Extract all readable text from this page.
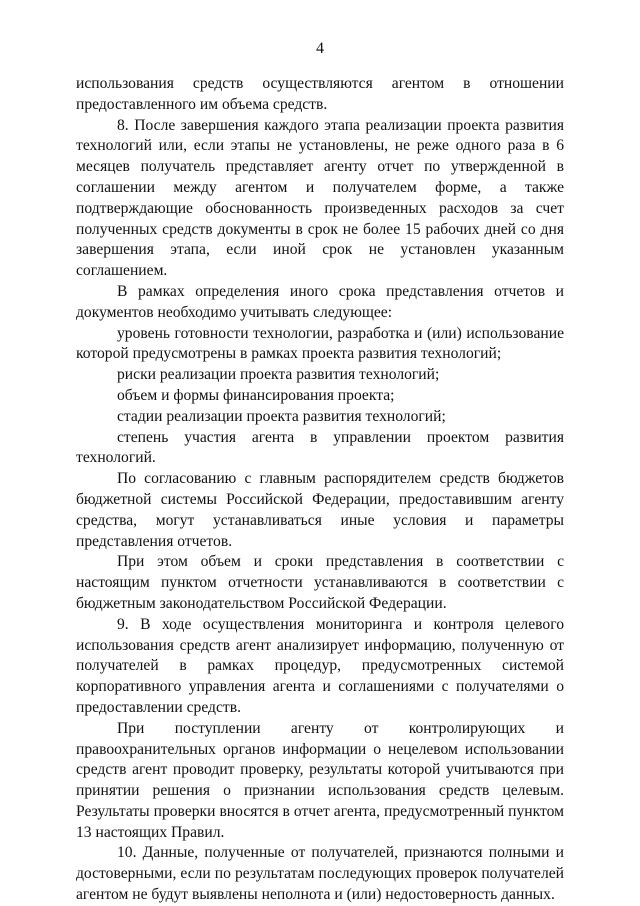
4

использования средств осуществляются агентом в отношении предоставленного им объема средств.

8. После завершения каждого этапа реализации проекта развития технологий или, если этапы не установлены, не реже одного раза в 6 месяцев получатель представляет агенту отчет по утвержденной в соглашении между агентом и получателем форме, а также подтверждающие обоснованность произведенных расходов за счет полученных средств документы в срок не более 15 рабочих дней со дня завершения этапа, если иной срок не установлен указанным соглашением.

В рамках определения иного срока представления отчетов и документов необходимо учитывать следующее:

уровень готовности технологии, разработка и (или) использование которой предусмотрены в рамках проекта развития технологий;

риски реализации проекта развития технологий;

объем и формы финансирования проекта;

стадии реализации проекта развития технологий;

степень участия агента в управлении проектом развития технологий.

По согласованию с главным распорядителем средств бюджетов бюджетной системы Российской Федерации, предоставившим агенту средства, могут устанавливаться иные условия и параметры представления отчетов.

При этом объем и сроки представления в соответствии с настоящим пунктом отчетности устанавливаются в соответствии с бюджетным законодательством Российской Федерации.

9. В ходе осуществления мониторинга и контроля целевого использования средств агент анализирует информацию, полученную от получателей в рамках процедур, предусмотренных системой корпоративного управления агента и соглашениями с получателями о предоставлении средств.

При поступлении агенту от контролирующих и правоохранительных органов информации о нецелевом использовании средств агент проводит проверку, результаты которой учитываются при принятии решения о признании использования средств целевым. Результаты проверки вносятся в отчет агента, предусмотренный пунктом 13 настоящих Правил.

10. Данные, полученные от получателей, признаются полными и достоверными, если по результатам последующих проверок получателей агентом не будут выявлены неполнота и (или) недостоверность данных.
